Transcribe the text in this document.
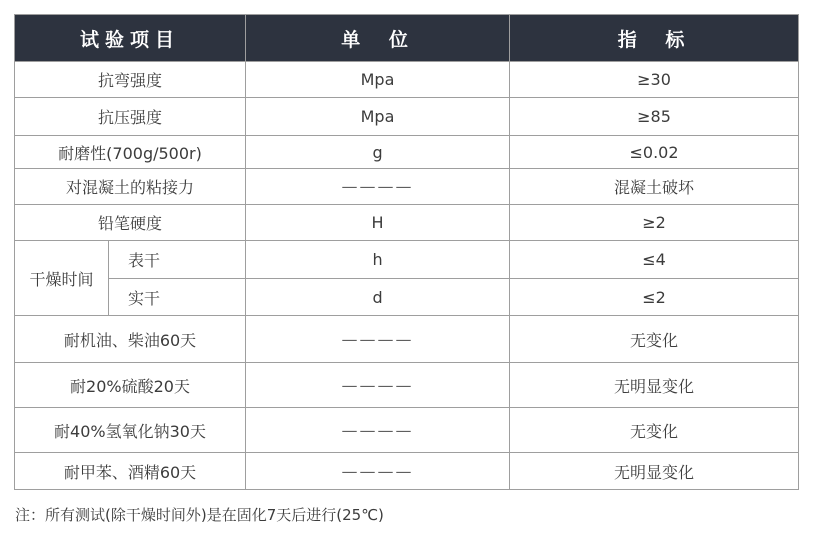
试验项目		单 位	指 标
抗弯强度		Mpa	≥30
抗压强度		Mpa	≥85
耐磨性(700g/500r)		g	≤0.02
对混凝土的粘接力		————	混凝土破坏
铅笔硬度		H	≥2
干燥时间	表干	h	≤4
	实干	d	≤2
耐机油、柴油60天		————	无变化
耐20%硫酸20天		————	无明显变化
耐40%氢氧化钠30天		————	无变化
耐甲苯、酒精60天		————	无明显变化
注：所有测试(除干燥时间外)是在固化7天后进行(25℃)
